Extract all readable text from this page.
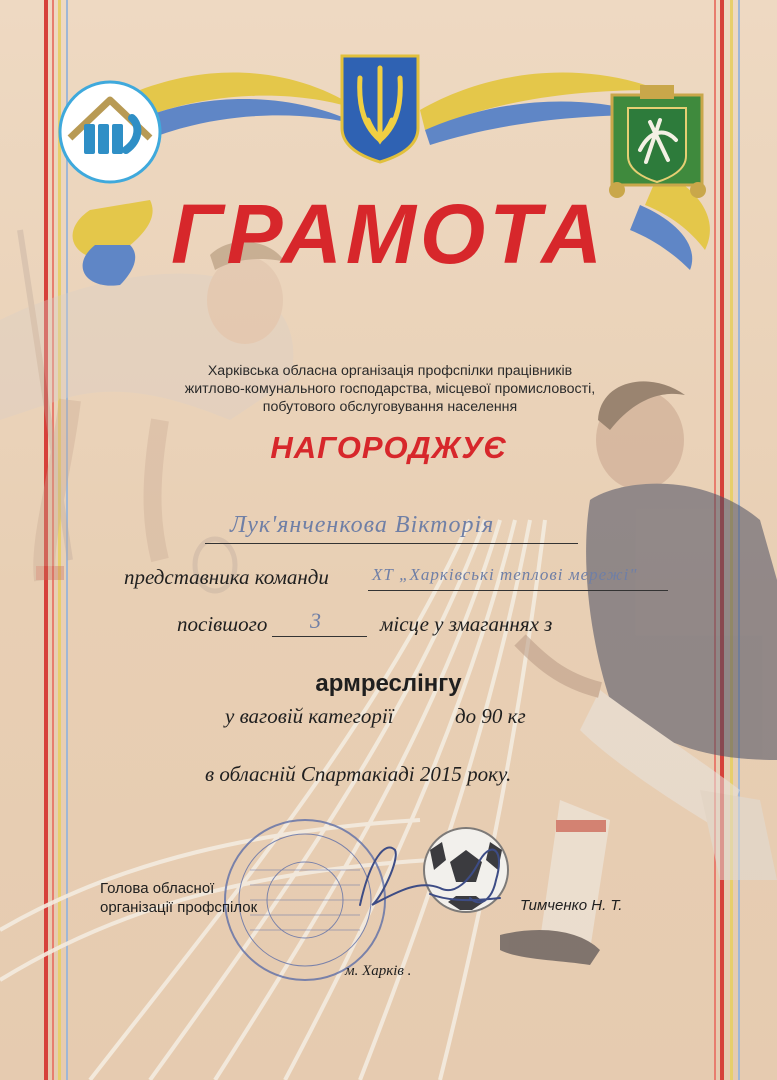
ГРАМОТА
Харківська обласна організація профспілки працівників
житлово-комунального господарства, місцевої промисловості,
побутового обслуговування населення
НАГОРОДЖУЄ
Лук'янченкова Вікторія
представника команди	ХТ „Харківські теплові мережі"
посівшого 3	місце у змаганнях з
армреслінгу
у ваговій категорії	до 90 кг
в обласній Спартакіаді 2015 року.
Голова обласної
організації профспілок	Тимченко Н. Т.
м. Харків .
